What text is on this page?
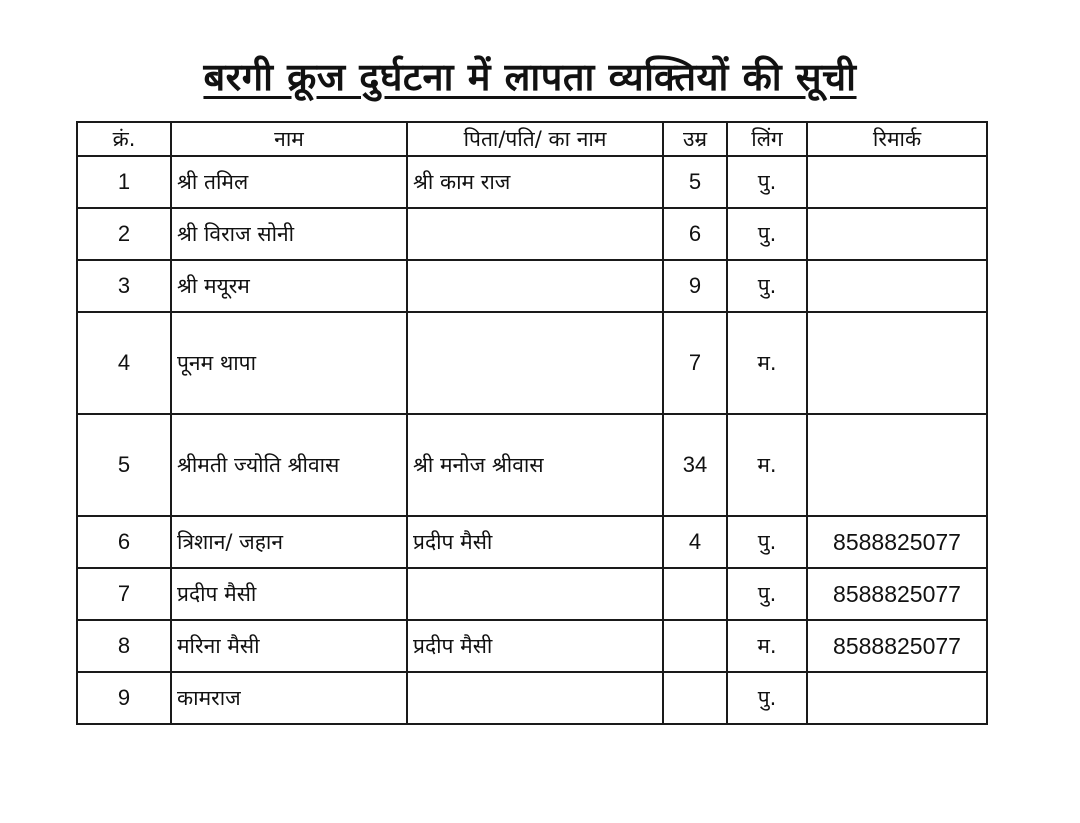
बरगी क्रूज दुर्घटना में लापता व्यक्तियों की सूची
क्रं.	नाम	पिता/पति/ का नाम	उम्र	लिंग	रिमार्क
1	श्री तमिल	श्री काम राज	5	पु.	
2	श्री विराज सोनी		6	पु.	
3	श्री मयूरम		9	पु.	
4	पूनम थापा		7	म.	
5	श्रीमती ज्योति श्रीवास	श्री मनोज श्रीवास	34	म.	
6	त्रिशान/ जहान	प्रदीप मैसी	4	पु.	8588825077
7	प्रदीप मैसी			पु.	8588825077
8	मरिना मैसी	प्रदीप मैसी		म.	8588825077
9	कामराज			पु.	
